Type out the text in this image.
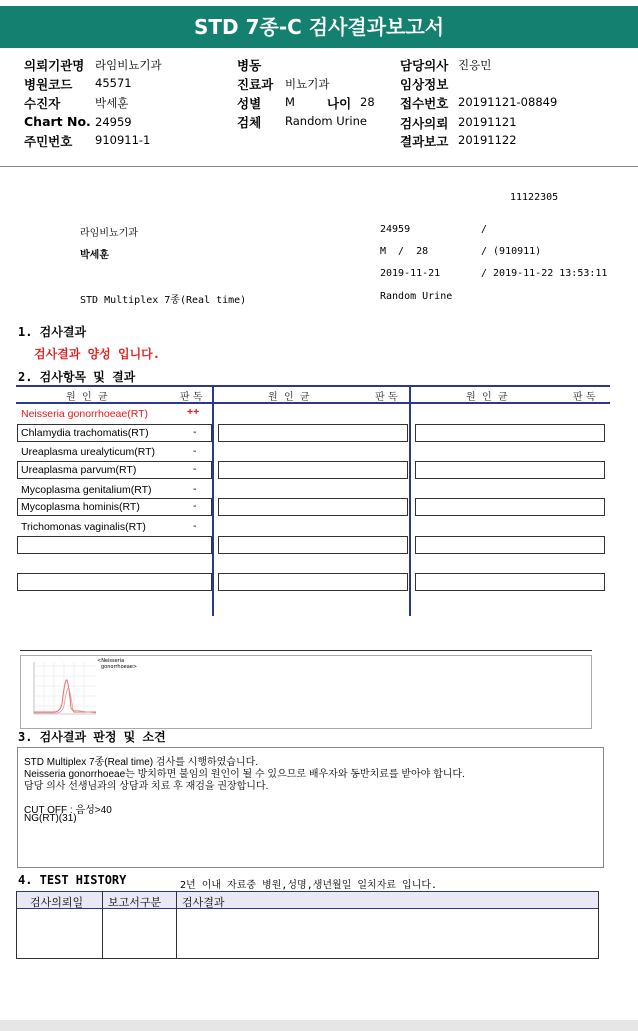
STD 7종-C 검사결과보고서
의뢰기관명 라임비뇨기과	병동	담당의사 진응민
병원코드 45571	진료과 비뇨기과	임상정보
수진자	박세훈	성별 M	나이 28 접수번호 20191121-08849
Chart No. 24959	검체 Random Urine	검사의뢰 20191121
주민번호 910911-1	결과보고 20191122
11122305
라임비뇨기과	24959	/
박세훈	M  /  28	/ (910911)
2019-11-21	/ 2019-11-22 13:53:11
STD Multiplex 7종(Real time)	Random Urine
1. 검사결과
검사결과 양성 입니다.
2. 검사항목 및 결과
원  인  균	판 독	원  인  균	판 독	원  인  균	판 독
Neisseria gonorrhoeae(RT)	++
Chlamydia trachomatis(RT)	-
Ureaplasma urealyticum(RT)	-
Ureaplasma parvum(RT)	-
Mycoplasma genitalium(RT)	-
Mycoplasma hominis(RT)	-
Trichomonas vaginalis(RT)	-
<Neisseria
gonorrhoeae>
3. 검사결과 판정 및 소견
STD Multiplex 7종(Real time) 검사를 시행하였습니다.
Neisseria gonorrhoeae는 방치하면 불임의 원인이 될 수 있으므로 배우자와 동반치료를 받아야 합니다.
담당 의사 선생님과의 상담과 치료 후 재검을 권장합니다.
CUT OFF : 음성>40
NG(RT)(31)
4. TEST HISTORY	2년 이내 자료중 병원,성명,생년월일 일치자료 입니다.
검사의뢰일 보고서구분 검사결과
